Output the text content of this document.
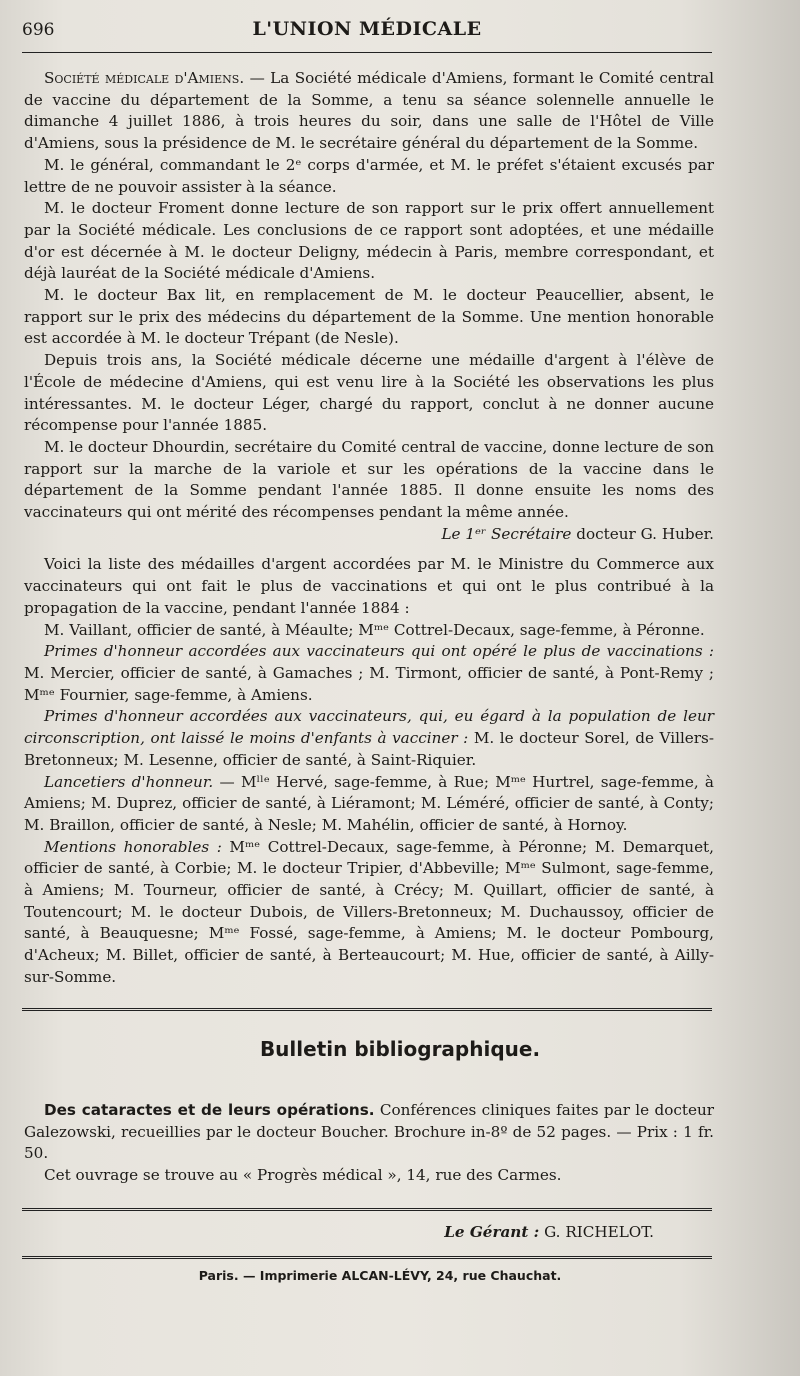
696	L'UNION MÉDICALE

Société médicale d'Amiens. — La Société médicale d'Amiens, formant le Comité central de vaccine du département de la Somme, a tenu sa séance solennelle annuelle le dimanche 4 juillet 1886, à trois heures du soir, dans une salle de l'Hôtel de Ville d'Amiens, sous la présidence de M. le secrétaire général du département de la Somme.

M. le général, commandant le 2ᵉ corps d'armée, et M. le préfet s'étaient excusés par lettre de ne pouvoir assister à la séance.

M. le docteur Froment donne lecture de son rapport sur le prix offert annuellement par la Société médicale. Les conclusions de ce rapport sont adoptées, et une médaille d'or est décernée à M. le docteur Deligny, médecin à Paris, membre correspondant, et déjà lauréat de la Société médicale d'Amiens.

M. le docteur Bax lit, en remplacement de M. le docteur Peaucellier, absent, le rapport sur le prix des médecins du département de la Somme. Une mention honorable est accordée à M. le docteur Trépant (de Nesle).

Depuis trois ans, la Société médicale décerne une médaille d'argent à l'élève de l'École de médecine d'Amiens, qui est venu lire à la Société les observations les plus intéressantes. M. le docteur Léger, chargé du rapport, conclut à ne donner aucune récompense pour l'année 1885.

M. le docteur Dhourdin, secrétaire du Comité central de vaccine, donne lecture de son rapport sur la marche de la variole et sur les opérations de la vaccine dans le département de la Somme pendant l'année 1885. Il donne ensuite les noms des vaccinateurs qui ont mérité des récompenses pendant la même année.

Le 1ᵉʳ Secrétaire docteur G. Huber.

Voici la liste des médailles d'argent accordées par M. le Ministre du Commerce aux vaccinateurs qui ont fait le plus de vaccinations et qui ont le plus contribué à la propagation de la vaccine, pendant l'année 1884 :

M. Vaillant, officier de santé, à Méaulte; Mᵐᵉ Cottrel-Decaux, sage-femme, à Péronne.

Primes d'honneur accordées aux vaccinateurs qui ont opéré le plus de vaccinations : M. Mercier, officier de santé, à Gamaches ; M. Tirmont, officier de santé, à Pont-Remy ; Mᵐᵉ Fournier, sage-femme, à Amiens.

Primes d'honneur accordées aux vaccinateurs, qui, eu égard à la population de leur circonscription, ont laissé le moins d'enfants à vacciner : M. le docteur Sorel, de Villers-Bretonneux; M. Lesenne, officier de santé, à Saint-Riquier.

Lancetiers d'honneur. — Mˡˡᵉ Hervé, sage-femme, à Rue; Mᵐᵉ Hurtrel, sage-femme, à Amiens; M. Duprez, officier de santé, à Liéramont; M. Léméré, officier de santé, à Conty; M. Braillon, officier de santé, à Nesle; M. Mahélin, officier de santé, à Hornoy.

Mentions honorables : Mᵐᵉ Cottrel-Decaux, sage-femme, à Péronne; M. Demarquet, officier de santé, à Corbie; M. le docteur Tripier, d'Abbeville; Mᵐᵉ Sulmont, sage-femme, à Amiens; M. Tourneur, officier de santé, à Crécy; M. Quillart, officier de santé, à Toutencourt; M. le docteur Dubois, de Villers-Bretonneux; M. Duchaussoy, officier de santé, à Beauquesne; Mᵐᵉ Fossé, sage-femme, à Amiens; M. le docteur Pombourg, d'Acheux; M. Billet, officier de santé, à Berteaucourt; M. Hue, officier de santé, à Ailly-sur-Somme.

Bulletin bibliographique.

Des cataractes et de leurs opérations. Conférences cliniques faites par le docteur Galezowski, recueillies par le docteur Boucher. Brochure in-8º de 52 pages. — Prix : 1 fr. 50.

Cet ouvrage se trouve au « Progrès médical », 14, rue des Carmes.

Le Gérant : G. RICHELOT.

Paris. — Imprimerie ALCAN-LÉVY, 24, rue Chauchat.
